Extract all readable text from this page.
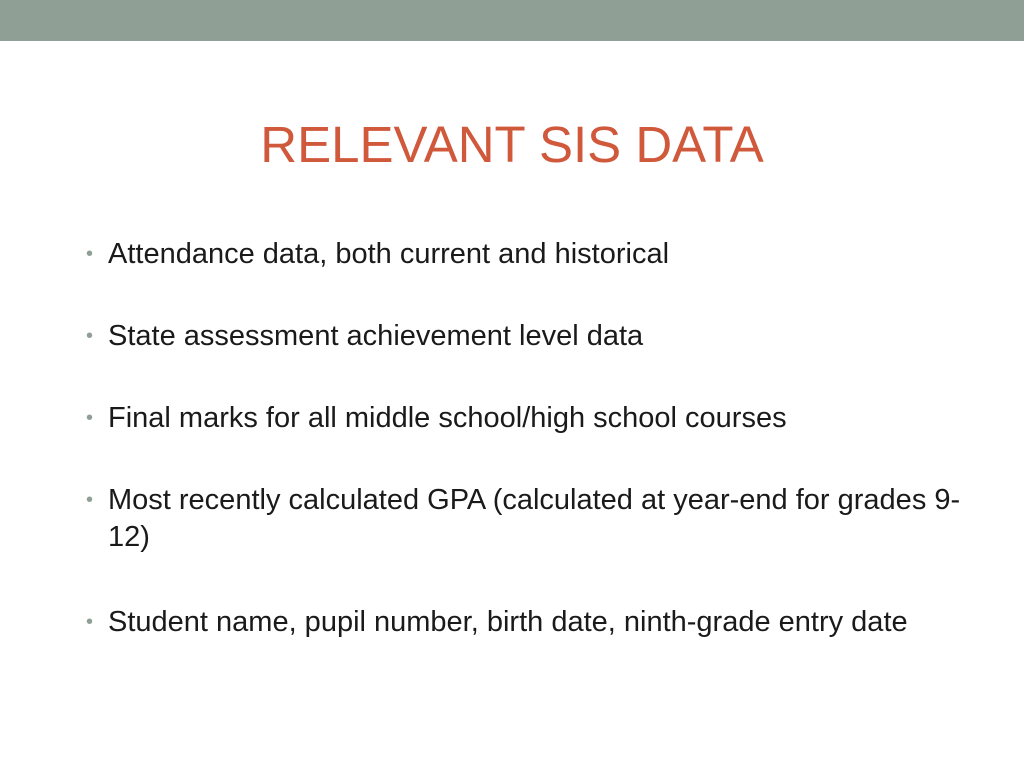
RELEVANT SIS DATA
• Attendance data, both current and historical
• State assessment achievement level data
• Final marks for all middle school/high school courses
• Most recently calculated GPA (calculated at year-end for grades 9-12)
• Student name, pupil number, birth date, ninth-grade entry date
